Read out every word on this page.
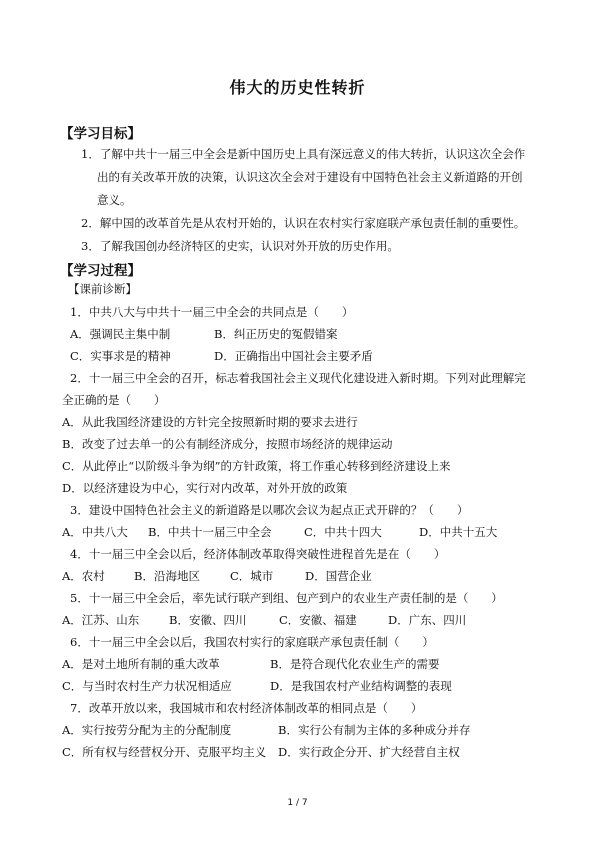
伟大的历史性转折
【学习目标】
1．了解中共十一届三中全会是新中国历史上具有深远意义的伟大转折，认识这次全会作
出的有关改革开放的决策，认识这次全会对于建设有中国特色社会主义新道路的开创
意义。
2．解中国的改革首先是从农村开始的，认识在农村实行家庭联产承包责任制的重要性。
3．了解我国创办经济特区的史实，认识对外开放的历史作用。
【学习过程】
【课前诊断】
1．中共八大与中共十一届三中全会的共同点是（　　）
A．强调民主集中制	B．纠正历史的冤假错案
C．实事求是的精神	D．正确指出中国社会主要矛盾
2．十一届三中全会的召开，标志着我国社会主义现代化建设进入新时期。下列对此理解完
全正确的是（　　）
A．从此我国经济建设的方针完全按照新时期的要求去进行
B．改变了过去单一的公有制经济成分，按照市场经济的规律运动
C．从此停止“以阶级斗争为纲”的方针政策，将工作重心转移到经济建设上来
D．以经济建设为中心，实行对内改革，对外开放的政策
3．建设中国特色社会主义的新道路是以哪次会议为起点正式开辟的？（　　）
A．中共八大 B．中共十一届三中全会	C．中共十四大	D．中共十五大
4．十一届三中全会以后，经济体制改革取得突破性进程首先是在（　　）
A．农村	B．沿海地区	C．城市	D．国营企业
5．十一届三中全会后，率先试行联产到组、包产到户的农业生产责任制的是（　　）
A．江苏、山东	B．安徽、四川	C．安徽、福建	D．广东、四川
6．十一届三中全会以后，我国农村实行的家庭联产承包责任制（　　）
A．是对土地所有制的重大改革	B．是符合现代化农业生产的需要
C．与当时农村生产力状况相适应	D．是我国农村产业结构调整的表现
7．改革开放以来，我国城市和农村经济体制改革的相同点是（　　）
A．实行按劳分配为主的分配制度	B．实行公有制为主体的多种成分并存
C．所有权与经营权分开、克服平均主义 D．实行政企分开、扩大经营自主权
1 / 7
